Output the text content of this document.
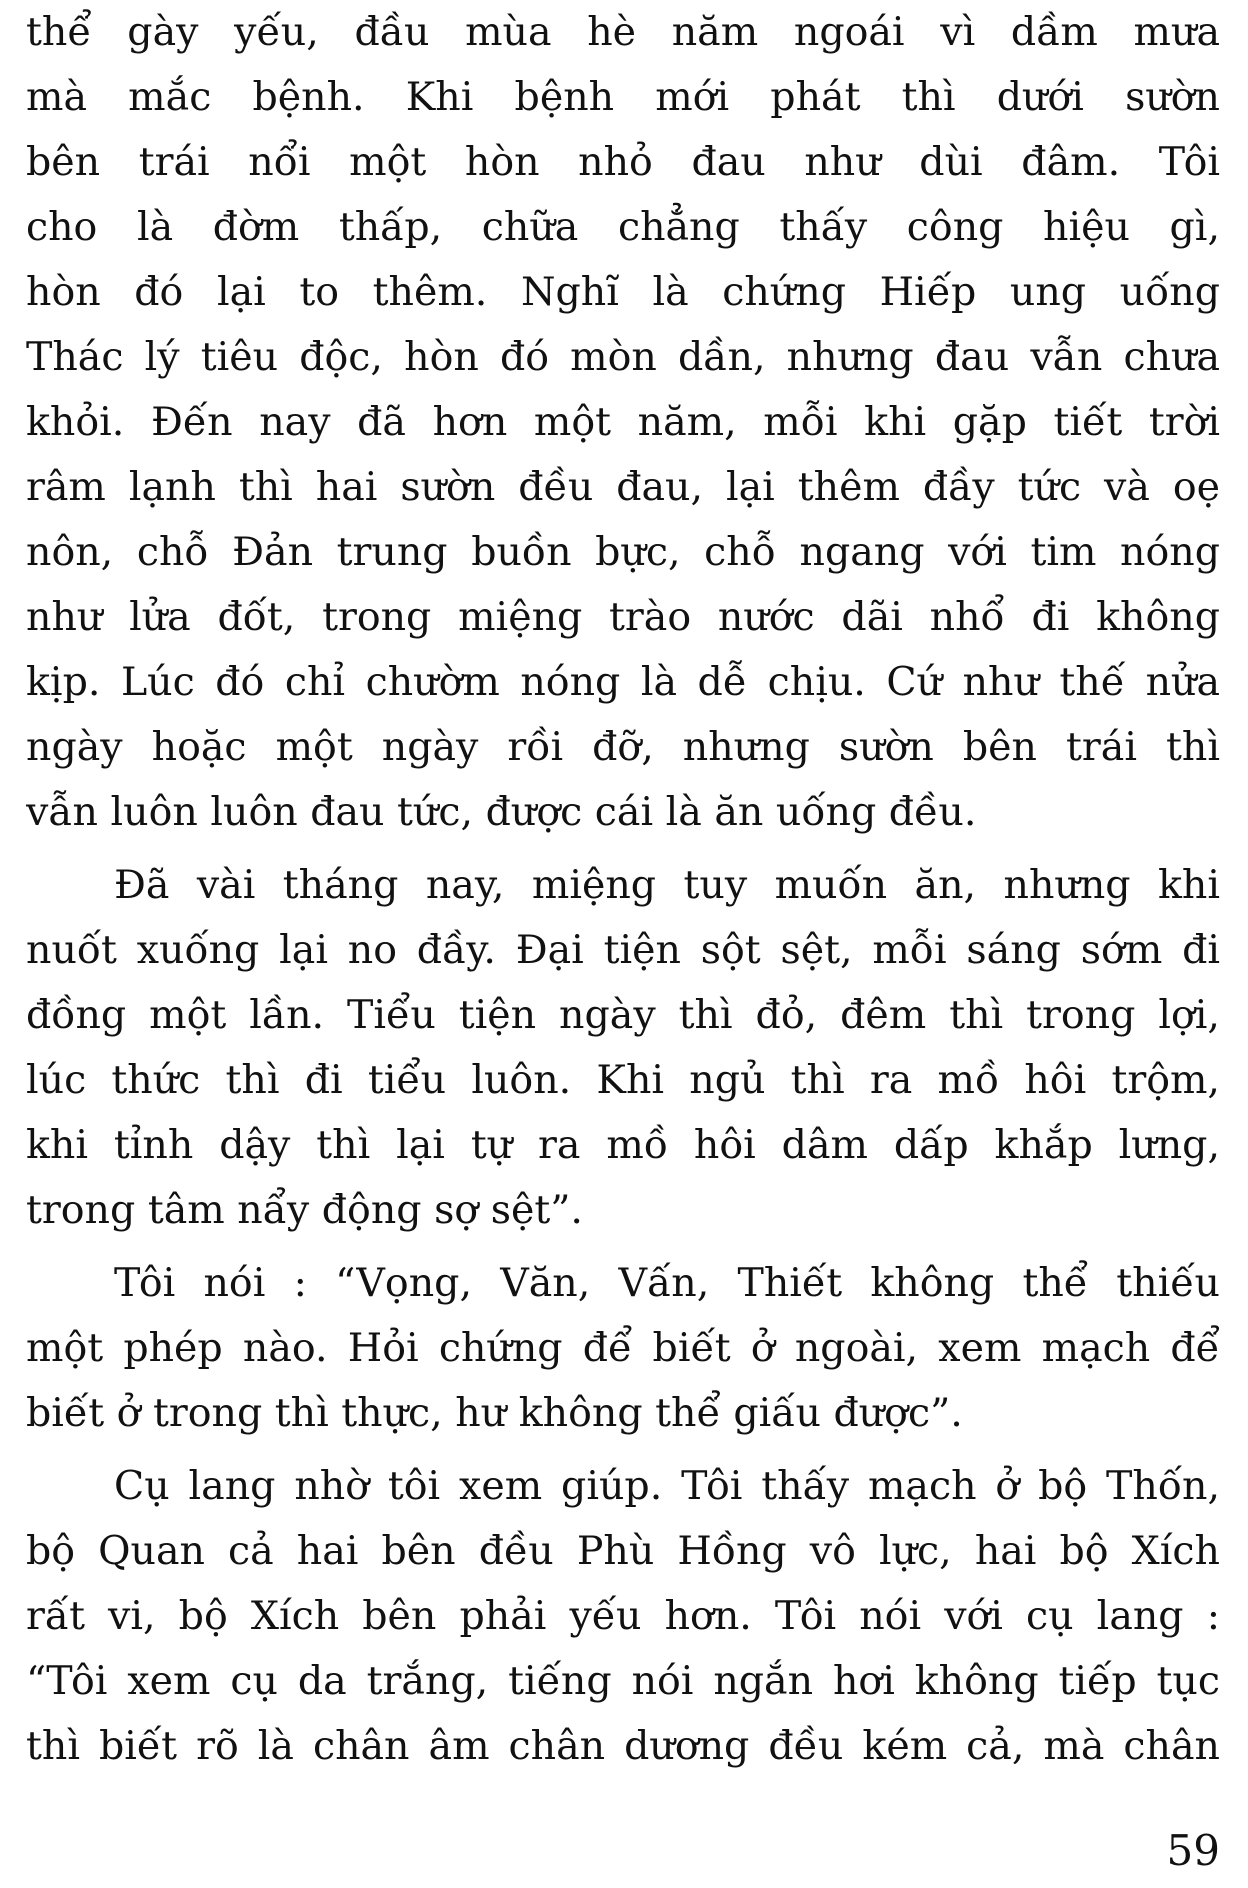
thể gày yếu, đầu mùa hè năm ngoái vì dầm mưa
mà mắc bệnh. Khi bệnh mới phát thì dưới sườn
bên trái nổi một hòn nhỏ đau như dùi đâm. Tôi
cho là đờm thấp, chữa chẳng thấy công hiệu gì,
hòn đó lại to thêm. Nghĩ là chứng Hiếp ung uống
Thác lý tiêu độc, hòn đó mòn dần, nhưng đau vẫn chưa
khỏi. Đến nay đã hơn một năm, mỗi khi gặp tiết trời
râm lạnh thì hai sườn đều đau, lại thêm đầy tức và oẹ
nôn, chỗ Đản trung buồn bực, chỗ ngang với tim nóng
như lửa đốt, trong miệng trào nước dãi nhổ đi không
kịp. Lúc đó chỉ chườm nóng là dễ chịu. Cứ như thế nửa
ngày hoặc một ngày rồi đỡ, nhưng sườn bên trái thì
vẫn luôn luôn đau tức, được cái là ăn uống đều.
Đã vài tháng nay, miệng tuy muốn ăn, nhưng khi
nuốt xuống lại no đầy. Đại tiện sột sệt, mỗi sáng sớm đi
đồng một lần. Tiểu tiện ngày thì đỏ, đêm thì trong lợi,
lúc thức thì đi tiểu luôn. Khi ngủ thì ra mồ hôi trộm,
khi tỉnh dậy thì lại tự ra mồ hôi dâm dấp khắp lưng,
trong tâm nẩy động sợ sệt”.
Tôi nói : “Vọng, Văn, Vấn, Thiết không thể thiếu
một phép nào. Hỏi chứng để biết ở ngoài, xem mạch để
biết ở trong thì thực, hư không thể giấu được”.
Cụ lang nhờ tôi xem giúp. Tôi thấy mạch ở bộ Thốn,
bộ Quan cả hai bên đều Phù Hồng vô lực, hai bộ Xích
rất vi, bộ Xích bên phải yếu hơn. Tôi nói với cụ lang :
“Tôi xem cụ da trắng, tiếng nói ngắn hơi không tiếp tục
thì biết rõ là chân âm chân dương đều kém cả, mà chân
59
